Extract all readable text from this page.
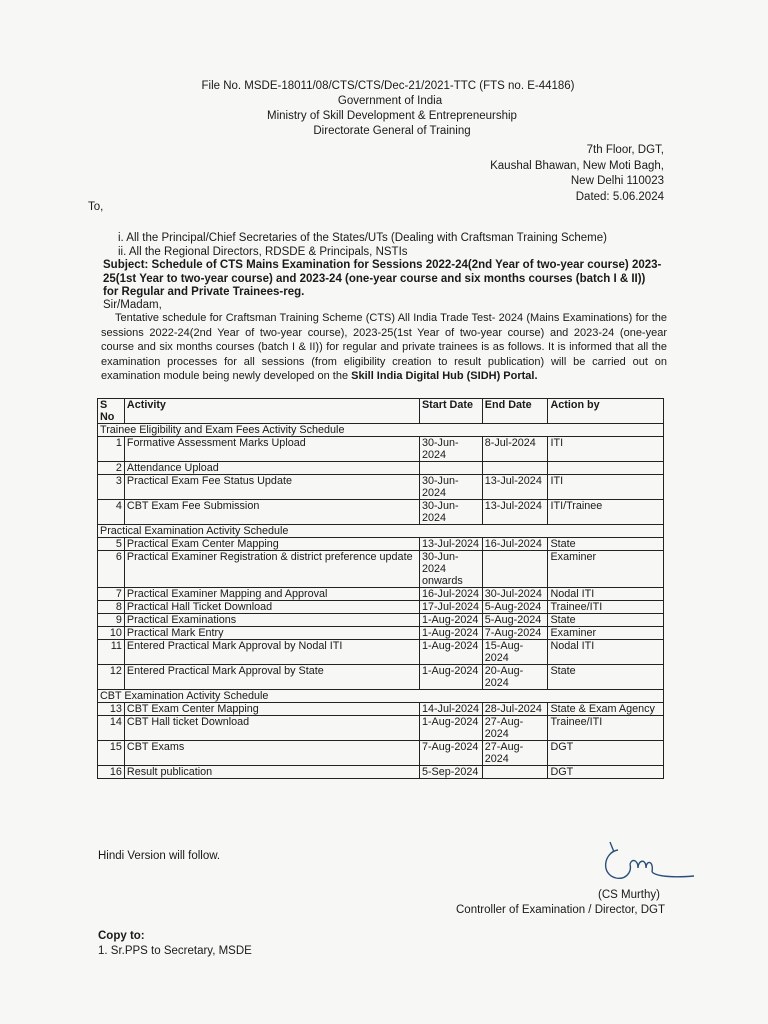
File No. MSDE-18011/08/CTS/CTS/Dec-21/2021-TTC (FTS no. E-44186)
Government of India
Ministry of Skill Development & Entrepreneurship
Directorate General of Training
7th Floor, DGT,
Kaushal Bhawan, New Moti Bagh,
New Delhi 110023
Dated: 5.06.2024
To,
i. All the Principal/Chief Secretaries of the States/UTs (Dealing with Craftsman Training Scheme)
ii. All the Regional Directors, RDSDE & Principals, NSTIs
Subject: Schedule of CTS Mains Examination for Sessions 2022-24(2nd Year of two-year course) 2023-25(1st Year to two-year course) and 2023-24 (one-year course and six months courses (batch I & II)) for Regular and Private Trainees-reg.
Sir/Madam,
Tentative schedule for Craftsman Training Scheme (CTS) All India Trade Test- 2024 (Mains Examinations) for the sessions 2022-24(2nd Year of two-year course), 2023-25(1st Year of two-year course) and 2023-24 (one-year course and six months courses (batch I & II)) for regular and private trainees is as follows. It is informed that all the examination processes for all sessions (from eligibility creation to result publication) will be carried out on examination module being newly developed on the Skill India Digital Hub (SIDH) Portal.
S No	Activity	Start Date	End Date	Action by
Trainee Eligibility and Exam Fees Activity Schedule				
1	Formative Assessment Marks Upload	30-Jun-2024	8-Jul-2024	ITI
2	Attendance Upload			
3	Practical Exam Fee Status Update	30-Jun-2024	13-Jul-2024	ITI
4	CBT Exam Fee Submission	30-Jun-2024	13-Jul-2024	ITI/Trainee
Practical Examination Activity Schedule				
5	Practical Exam Center Mapping	13-Jul-2024	16-Jul-2024	State
6	Practical Examiner Registration & district preference update	30-Jun-2024 onwards		Examiner
7	Practical Examiner Mapping and Approval	16-Jul-2024	30-Jul-2024	Nodal ITI
8	Practical Hall Ticket Download	17-Jul-2024	5-Aug-2024	Trainee/ITI
9	Practical Examinations	1-Aug-2024	5-Aug-2024	State
10	Practical Mark Entry	1-Aug-2024	7-Aug-2024	Examiner
11	Entered Practical Mark Approval by Nodal ITI	1-Aug-2024	15-Aug-2024	Nodal ITI
12	Entered Practical Mark Approval by State	1-Aug-2024	20-Aug-2024	State
CBT Examination Activity Schedule				
13	CBT Exam Center Mapping	14-Jul-2024	28-Jul-2024	State & Exam Agency
14	CBT Hall ticket Download	1-Aug-2024	27-Aug-2024	Trainee/ITI
15	CBT Exams	7-Aug-2024	27-Aug-2024	DGT
16	Result publication	5-Sep-2024		DGT
Hindi Version will follow.
(CS Murthy)
Controller of Examination / Director, DGT
Copy to:
1. Sr.PPS to Secretary, MSDE
